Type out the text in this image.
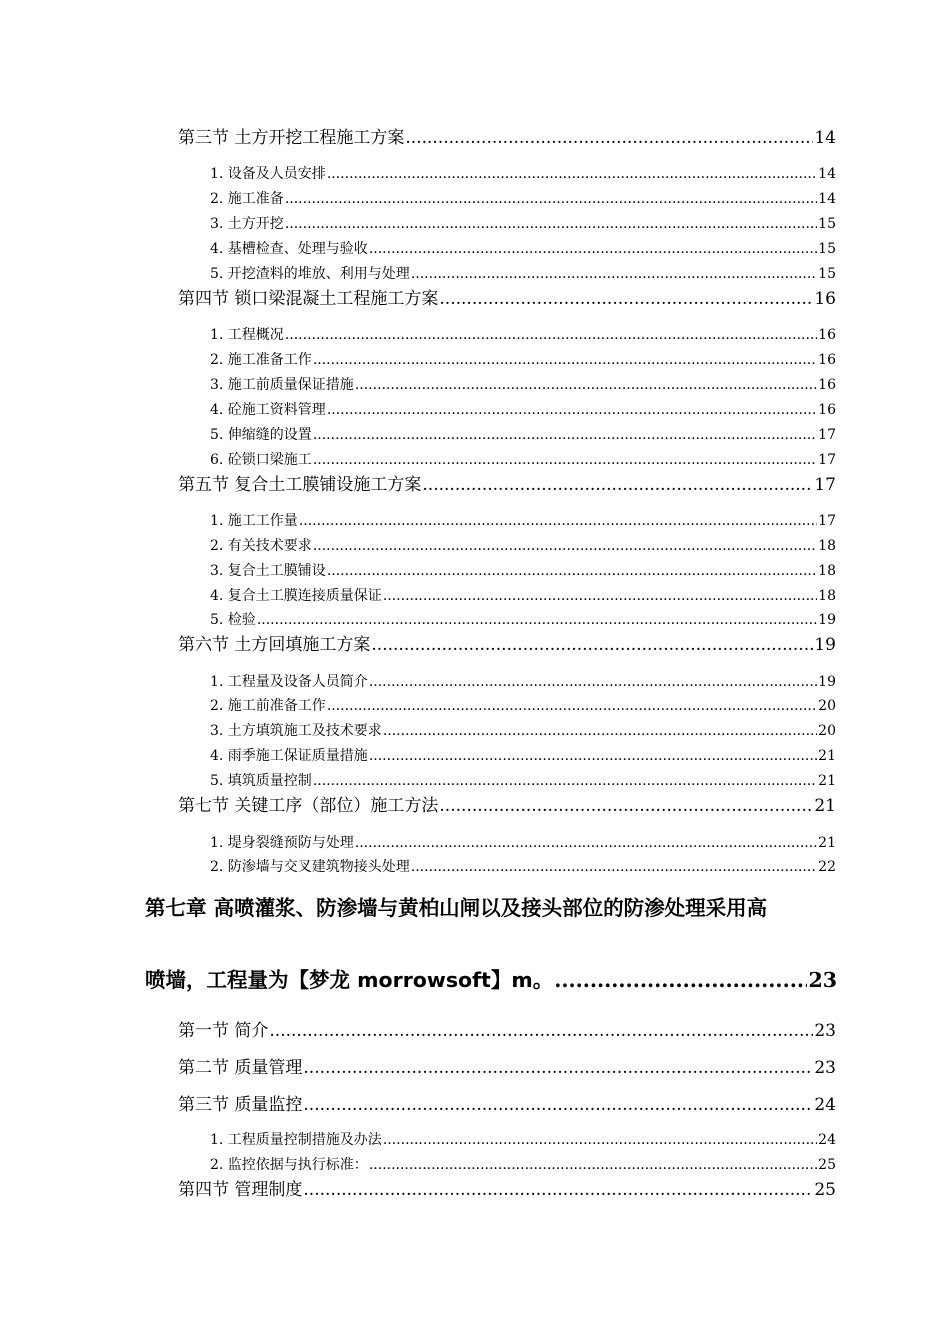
第三节 土方开挖工程施工方案 .....	14
1. 设备及人员安排 .....	14
2. 施工准备 .....	14
3. 土方开挖 .....	15
4. 基槽检查、处理与验收 .....	15
5. 开挖渣料的堆放、利用与处理 .....	15
第四节 锁口梁混凝土工程施工方案 .....	16
1. 工程概况 .....	16
2. 施工准备工作 .....	16
3. 施工前质量保证措施 .....	16
4. 砼施工资料管理 .....	16
5. 伸缩缝的设置 .....	17
6. 砼锁口梁施工 .....	17
第五节 复合土工膜铺设施工方案 .....	17
1. 施工工作量 .....	17
2. 有关技术要求 .....	18
3. 复合土工膜铺设 .....	18
4. 复合土工膜连接质量保证 .....	18
5. 检验 .....	19
第六节 土方回填施工方案 .....	19
1. 工程量及设备人员简介 .....	19
2. 施工前准备工作 .....	20
3. 土方填筑施工及技术要求 .....	20
4. 雨季施工保证质量措施 .....	21
5. 填筑质量控制 .....	21
第七节 关键工序（部位）施工方法 .....	21
1. 堤身裂缝预防与处理 .....	21
2. 防渗墙与交叉建筑物接头处理 .....	22
第七章 高喷灌浆、防渗墙与黄柏山闸以及接头部位的防渗处理采用高
喷墙，工程量为【梦龙 morrowsoft】m。 .....	23
第一节 简介 .....	23
第二节 质量管理 .....	23
第三节 质量监控 .....	24
1. 工程质量控制措施及办法 .....	24
2. 监控依据与执行标准： .....	25
第四节 管理制度 .....	25
